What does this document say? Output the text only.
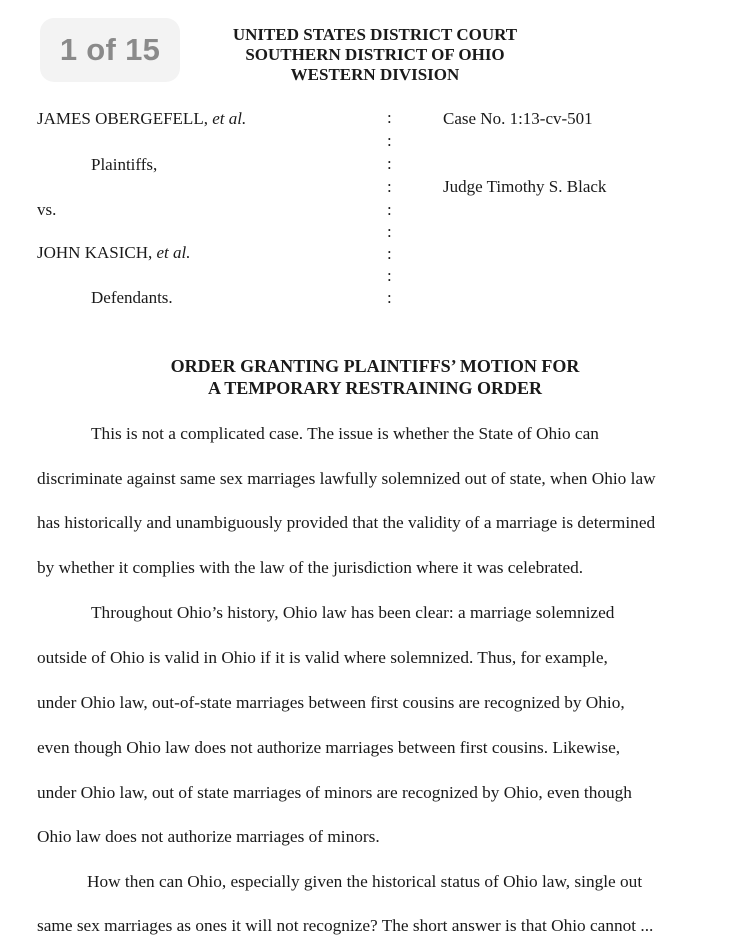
1 of 15	UNITED STATES DISTRICT COURT
SOUTHERN DISTRICT OF OHIO
WESTERN DIVISION
JAMES OBERGEFELL, et al.
Plaintiffs,
vs.
JOHN KASICH, et al.
Defendants.
:
:
:
:
:
:
:
:
:
Case No. 1:13-cv-501
Judge Timothy S. Black
ORDER GRANTING PLAINTIFFS’ MOTION FOR
A TEMPORARY RESTRAINING ORDER
This is not a complicated case. The issue is whether the State of Ohio can
discriminate against same sex marriages lawfully solemnized out of state, when Ohio law
has historically and unambiguously provided that the validity of a marriage is determined
by whether it complies with the law of the jurisdiction where it was celebrated.
Throughout Ohio’s history, Ohio law has been clear: a marriage solemnized
outside of Ohio is valid in Ohio if it is valid where solemnized. Thus, for example,
under Ohio law, out-of-state marriages between first cousins are recognized by Ohio,
even though Ohio law does not authorize marriages between first cousins. Likewise,
under Ohio law, out of state marriages of minors are recognized by Ohio, even though
Ohio law does not authorize marriages of minors.
How then can Ohio, especially given the historical status of Ohio law, single out
same sex marriages as ones it will not recognize? The short answer is that Ohio cannot ...
